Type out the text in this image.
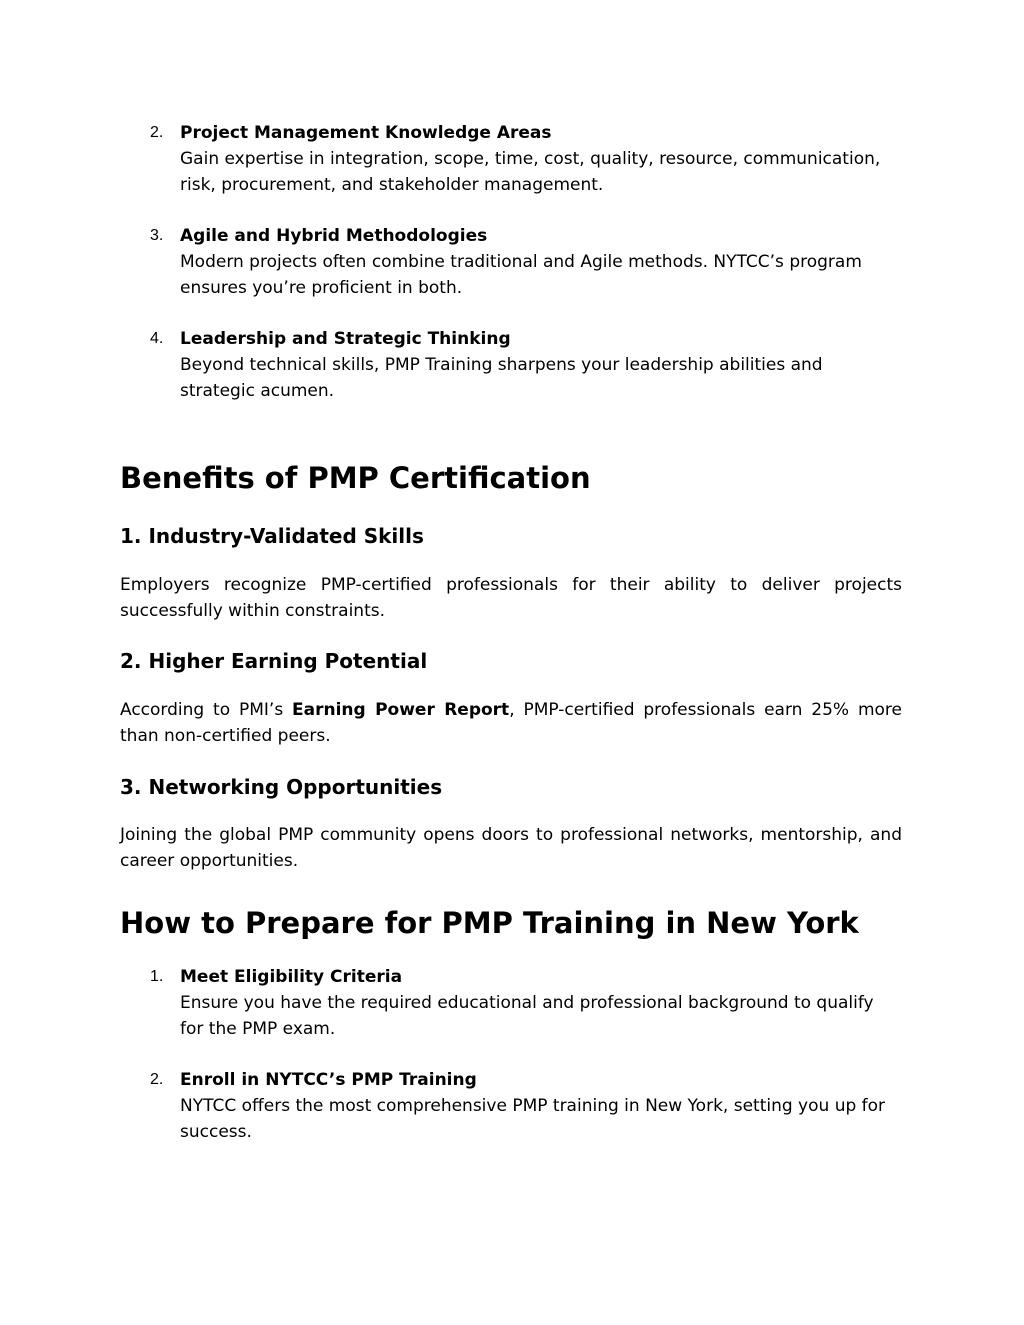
2. Project Management Knowledge Areas
Gain expertise in integration, scope, time, cost, quality, resource, communication, risk, procurement, and stakeholder management.
3. Agile and Hybrid Methodologies
Modern projects often combine traditional and Agile methods. NYTCC’s program ensures you’re proficient in both.
4. Leadership and Strategic Thinking
Beyond technical skills, PMP Training sharpens your leadership abilities and strategic acumen.
Benefits of PMP Certification
1. Industry-Validated Skills

Employers recognize PMP-certified professionals for their ability to deliver projects successfully within constraints.

2. Higher Earning Potential

According to PMI’s Earning Power Report, PMP-certified professionals earn 25% more than non-certified peers.

3. Networking Opportunities

Joining the global PMP community opens doors to professional networks, mentorship, and career opportunities.

How to Prepare for PMP Training in New York
1. Meet Eligibility Criteria
Ensure you have the required educational and professional background to qualify for the PMP exam.
2. Enroll in NYTCC’s PMP Training
NYTCC offers the most comprehensive PMP training in New York, setting you up for success.
